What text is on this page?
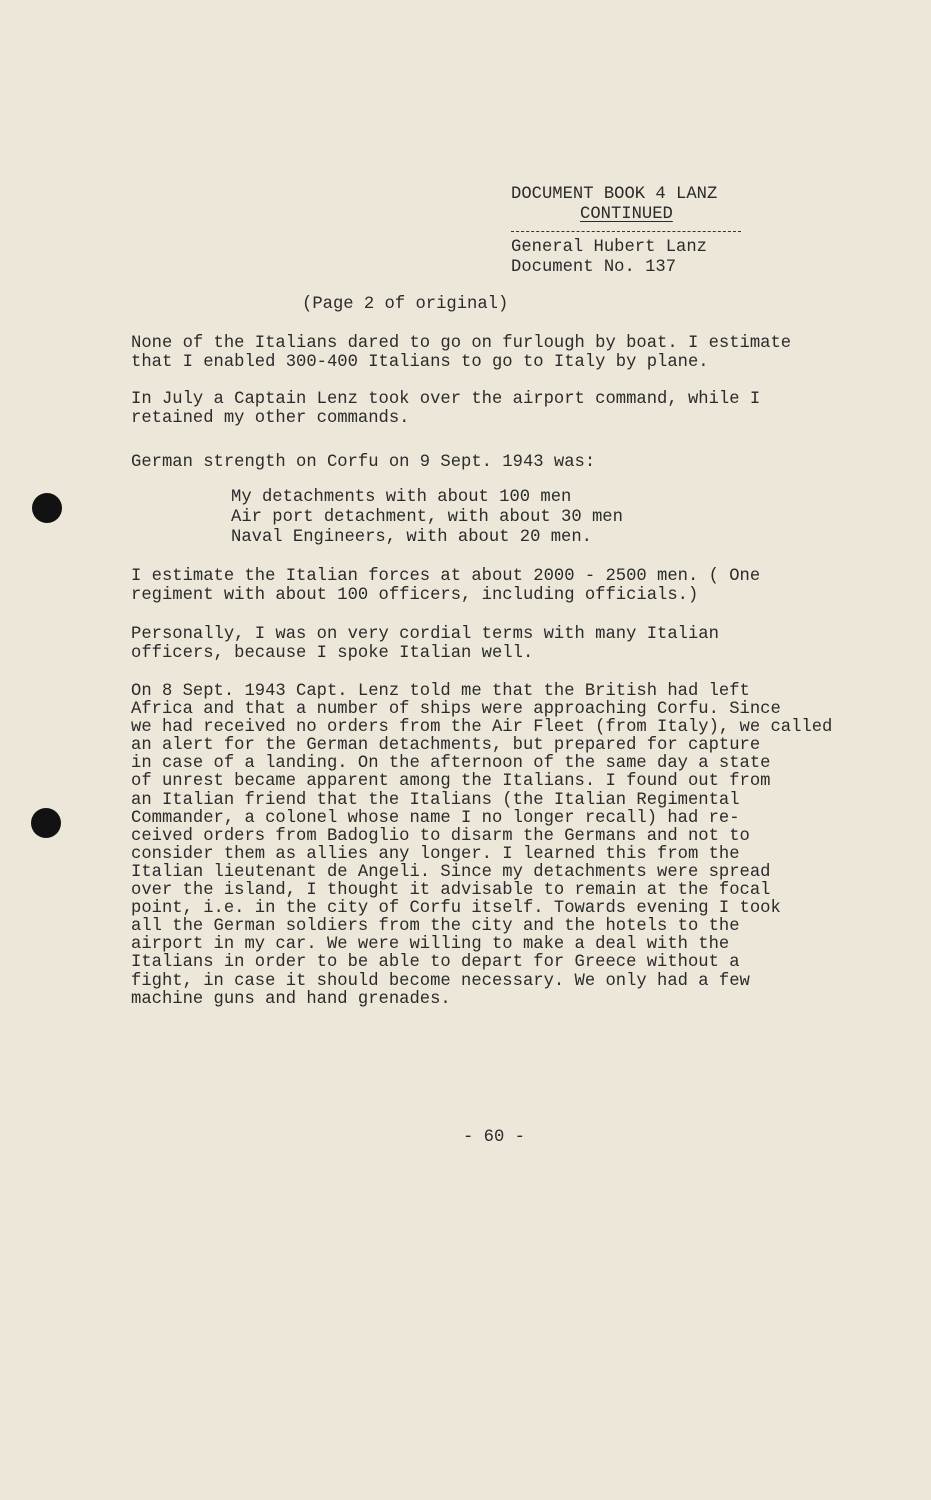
DOCUMENT BOOK 4 LANZ
CONTINUED
General Hubert Lanz
Document No. 137
(Page 2 of original)

None of the Italians dared to go on furlough by boat. I estimate
that I enabled 300-400 Italians to go to Italy by plane.

In July a Captain Lenz took over the airport command, while I
retained my other commands.

German strength on Corfu on 9 Sept. 1943 was:

My detachments with about 100 men
Air port detachment, with about 30 men
Naval Engineers, with about 20 men.

I estimate the Italian forces at about 2000 - 2500 men. ( One
regiment with about 100 officers, including officials.)

Personally, I was on very cordial terms with many Italian
officers, because I spoke Italian well.

On 8 Sept. 1943 Capt. Lenz told me that the British had left
Africa and that a number of ships were approaching Corfu. Since
we had received no orders from the Air Fleet (from Italy), we called
an alert for the German detachments, but prepared for capture
in case of a landing. On the afternoon of the same day a state
of unrest became apparent among the Italians. I found out from
an Italian friend that the Italians (the Italian Regimental
Commander, a colonel whose name I no longer recall) had re-
ceived orders from Badoglio to disarm the Germans and not to
consider them as allies any longer. I learned this from the
Italian lieutenant de Angeli. Since my detachments were spread
over the island, I thought it advisable to remain at the focal
point, i.e. in the city of Corfu itself. Towards evening I took
all the German soldiers from the city and the hotels to the
airport in my car. We were willing to make a deal with the
Italians in order to be able to depart for Greece without a
fight, in case it should become necessary. We only had a few
machine guns and hand grenades.

- 60 -
